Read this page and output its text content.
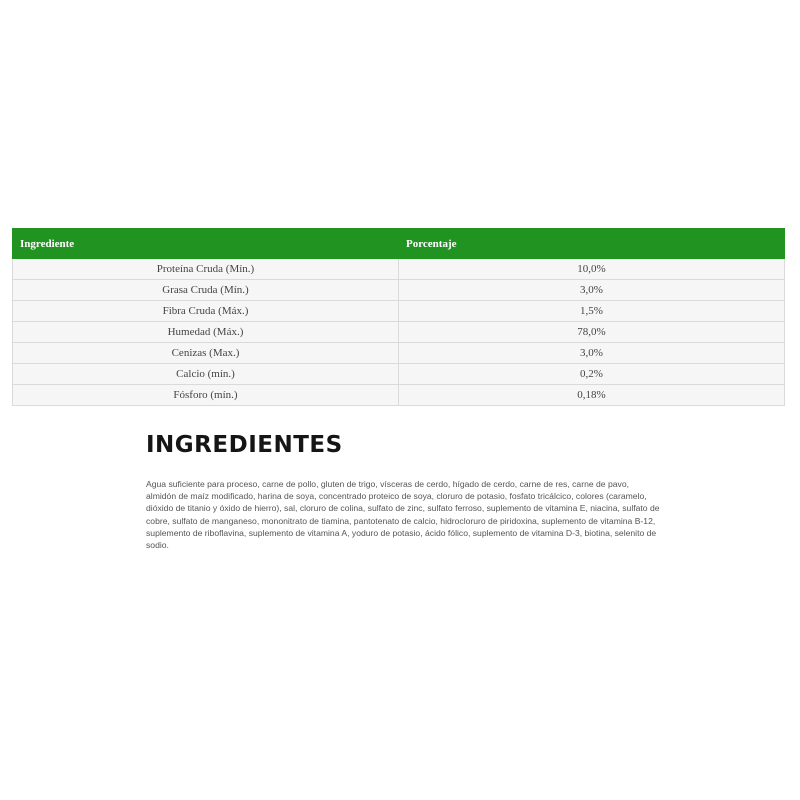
Ingrediente	Porcentaje
Proteína Cruda (Mín.)	10,0%
Grasa Cruda (Mín.)	3,0%
Fibra Cruda (Máx.)	1,5%
Humedad (Máx.)	78,0%
Cenizas (Max.)	3,0%
Calcio (mín.)	0,2%
Fósforo (mín.)	0,18%
INGREDIENTES

Agua suficiente para proceso, carne de pollo, gluten de trigo, vísceras de cerdo, hígado de cerdo, carne de res, carne de pavo, almidón de maíz modificado, harina de soya, concentrado proteico de soya, cloruro de potasio, fosfato tricálcico, colores (caramelo, dióxido de titanio y óxido de hierro), sal, cloruro de colina, sulfato de zinc, sulfato ferroso, suplemento de vitamina E, niacina, sulfato de cobre, sulfato de manganeso, mononitrato de tiamina, pantotenato de calcio, hidrocloruro de piridoxina, suplemento de vitamina B-12, suplemento de riboflavina, suplemento de vitamina A, yoduro de potasio, ácido fólico, suplemento de vitamina D-3, biotina, selenito de sodio.
